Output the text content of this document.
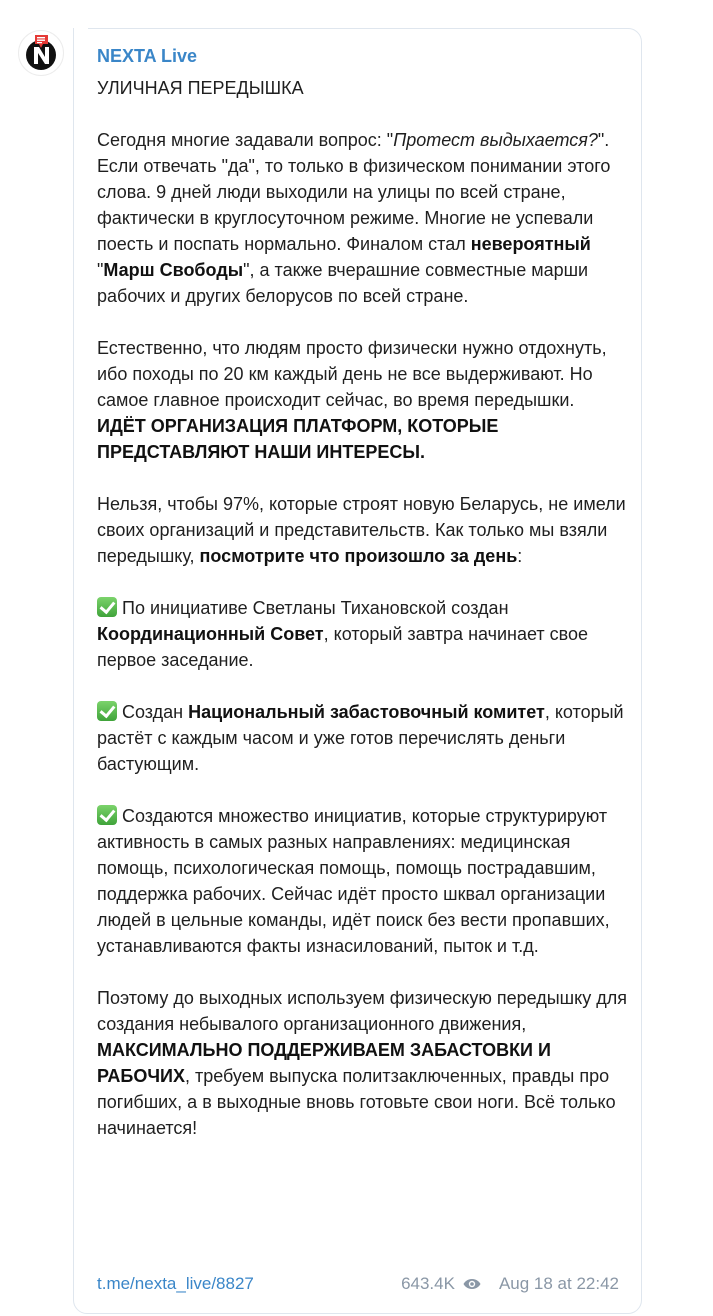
NEXTA Live

УЛИЧНАЯ ПЕРЕДЫШКА

Сегодня многие задавали вопрос: "Протест выдыхается?". Если отвечать "да", то только в физическом понимании этого слова. 9 дней люди выходили на улицы по всей стране, фактически в круглосуточном режиме. Многие не успевали поесть и поспать нормально. Финалом стал невероятный "Марш Свободы", а также вчерашние совместные марши рабочих и других белорусов по всей стране.

Естественно, что людям просто физически нужно отдохнуть, ибо походы по 20 км каждый день не все выдерживают. Но самое главное происходит сейчас, во время передышки. ИДЁТ ОРГАНИЗАЦИЯ ПЛАТФОРМ, КОТОРЫЕ ПРЕДСТАВЛЯЮТ НАШИ ИНТЕРЕСЫ.

Нельзя, чтобы 97%, которые строят новую Беларусь, не имели своих организаций и представительств. Как только мы взяли передышку, посмотрите что произошло за день:

По инициативе Светланы Тихановской создан Координационный Совет, который завтра начинает свое первое заседание.

Создан Национальный забастовочный комитет, который растёт с каждым часом и уже готов перечислять деньги бастующим.

Создаются множество инициатив, которые структурируют активность в самых разных направлениях: медицинская помощь, психологическая помощь, помощь пострадавшим, поддержка рабочих. Сейчас идёт просто шквал организации людей в цельные команды, идёт поиск без вести пропавших, устанавливаются факты изнасилований, пыток и т.д.

Поэтому до выходных используем физическую передышку для создания небывалого организационного движения, МАКСИМАЛЬНО ПОДДЕРЖИВАЕМ ЗАБАСТОВКИ И РАБОЧИХ, требуем выпуска политзаключенных, правды про погибших, а в выходные вновь готовьте свои ноги. Всё только начинается!

t.me/nexta_live/8827	643.4K	Aug 18 at 22:42
